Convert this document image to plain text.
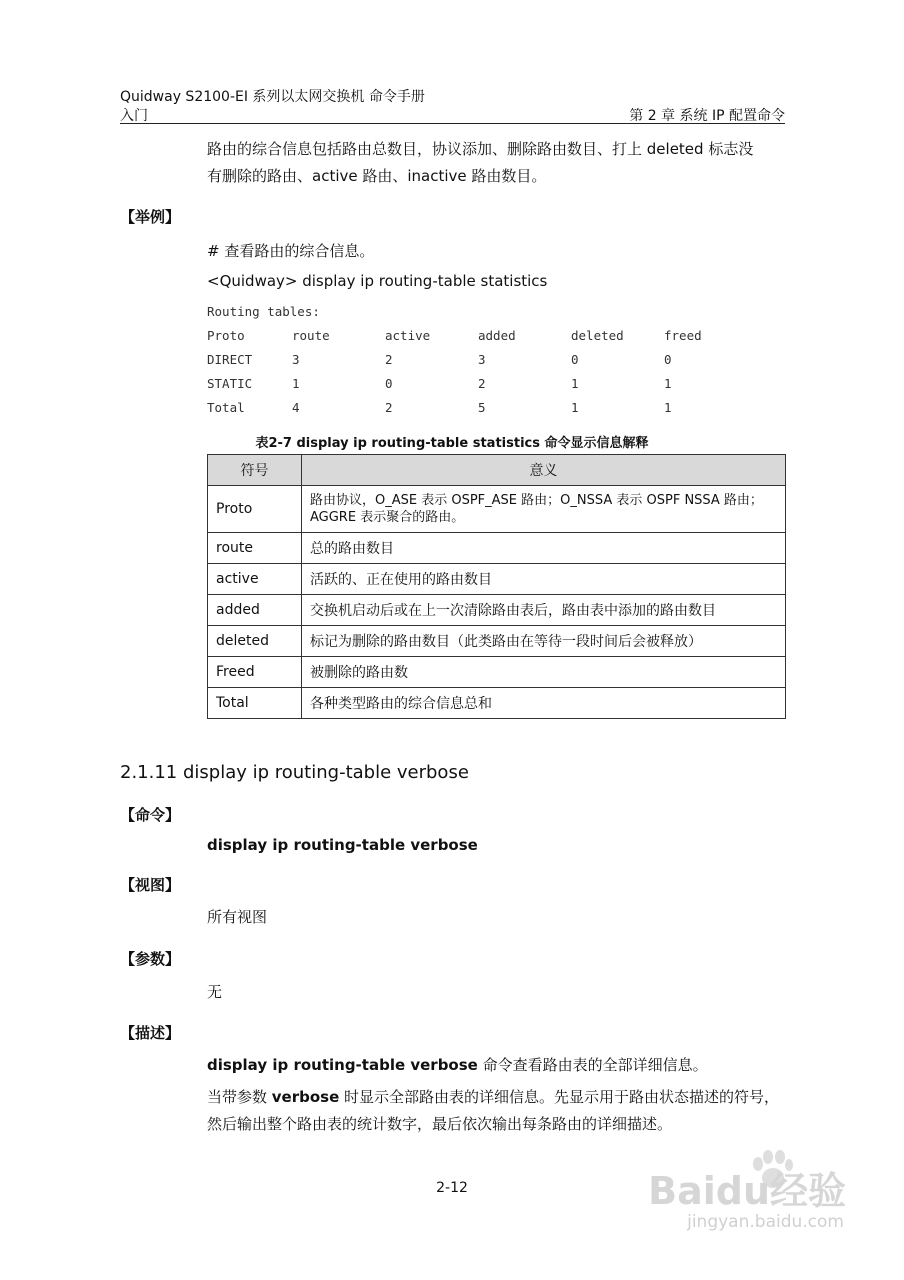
Quidway S2100-EI 系列以太网交换机 命令手册
入门	第 2 章 系统 IP 配置命令
路由的综合信息包括路由总数目，协议添加、删除路由数目、打上 deleted 标志没
有删除的路由、active 路由、inactive 路由数目。
【举例】
# 查看路由的综合信息。
<Quidway> display ip routing-table statistics
Routing tables:
Proto	route	active	added	deleted	freed
DIRECT	3	2	3	0	0
STATIC	1	0	2	1	1
Total	4	2	5	1	1
表2-7 display ip routing-table statistics 命令显示信息解释
符号	意义
Proto	路由协议，O_ASE 表示 OSPF_ASE 路由；O_NSSA 表示 OSPF NSSA 路由；
AGGRE 表示聚合的路由。

route	总的路由数目
active	活跃的、正在使用的路由数目
added	交换机启动后或在上一次清除路由表后，路由表中添加的路由数目
deleted	标记为删除的路由数目（此类路由在等待一段时间后会被释放）
Freed	被删除的路由数
Total	各种类型路由的综合信息总和
2.1.11 display ip routing-table verbose
【命令】
display ip routing-table verbose
【视图】
所有视图
【参数】
无
【描述】
display ip routing-table verbose 命令查看路由表的全部详细信息。
当带参数 verbose 时显示全部路由表的详细信息。先显示用于路由状态描述的符号，
然后输出整个路由表的统计数字，最后依次输出每条路由的详细描述。
2-12	Baidu经验
jingyan.baidu.com
